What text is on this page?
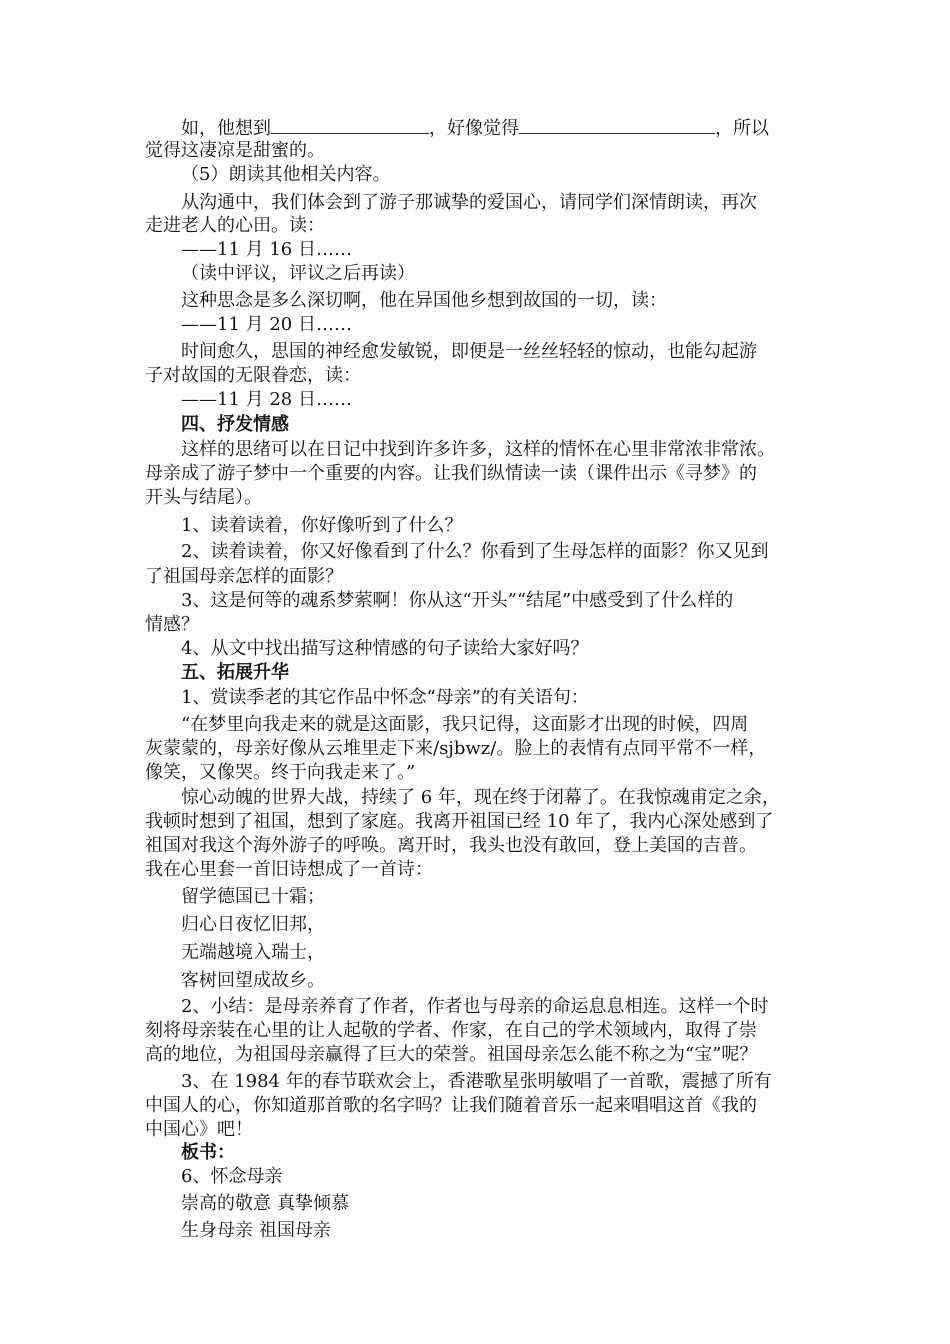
如，他想到	，好像觉得	，所以
觉得这凄凉是甜蜜的。
（5）朗读其他相关内容。
从沟通中，我们体会到了游子那诚挚的爱国心，请同学们深情朗读，再次
走进老人的心田。读：
——11 月 16 日……
（读中评议，评议之后再读）
这种思念是多么深切啊，他在异国他乡想到故国的一切，读：
——11 月 20 日……
时间愈久，思国的神经愈发敏锐，即便是一丝丝轻轻的惊动，也能勾起游
子对故国的无限眷恋，读：
——11 月 28 日……
四、抒发情感
这样的思绪可以在日记中找到许多许多，这样的情怀在心里非常浓非常浓。
母亲成了游子梦中一个重要的内容。让我们纵情读一读（课件出示《寻梦》的
开头与结尾）。
1、读着读着，你好像听到了什么？
2、读着读着，你又好像看到了什么？你看到了生母怎样的面影？你又见到
了祖国母亲怎样的面影？
3、这是何等的魂系梦萦啊！你从这“开头”“结尾”中感受到了什么样的
情感？
4、从文中找出描写这种情感的句子读给大家好吗？
五、拓展升华
1、赏读季老的其它作品中怀念“母亲”的有关语句：
“在梦里向我走来的就是这面影，我只记得，这面影才出现的时候，四周
灰蒙蒙的，母亲好像从云堆里走下来/sjbwz/。脸上的表情有点同平常不一样，
像笑，又像哭。终于向我走来了。”
惊心动魄的世界大战，持续了 6 年，现在终于闭幕了。在我惊魂甫定之余，
我顿时想到了祖国，想到了家庭。我离开祖国已经 10 年了，我内心深处感到了
祖国对我这个海外游子的呼唤。离开时，我头也没有敢回，登上美国的吉普。
我在心里套一首旧诗想成了一首诗：
留学德国已十霜；
归心日夜忆旧邦，
无端越境入瑞士，
客树回望成故乡。
2、小结：是母亲养育了作者，作者也与母亲的命运息息相连。这样一个时
刻将母亲装在心里的让人起敬的学者、作家，在自己的学术领域内，取得了崇
高的地位，为祖国母亲赢得了巨大的荣誉。祖国母亲怎么能不称之为“宝”呢？
3、在 1984 年的春节联欢会上，香港歌星张明敏唱了一首歌，震撼了所有
中国人的心，你知道那首歌的名字吗？让我们随着音乐一起来唱唱这首《我的
中国心》吧！
板书：
6、怀念母亲
崇高的敬意 真挚倾慕
生身母亲 祖国母亲
